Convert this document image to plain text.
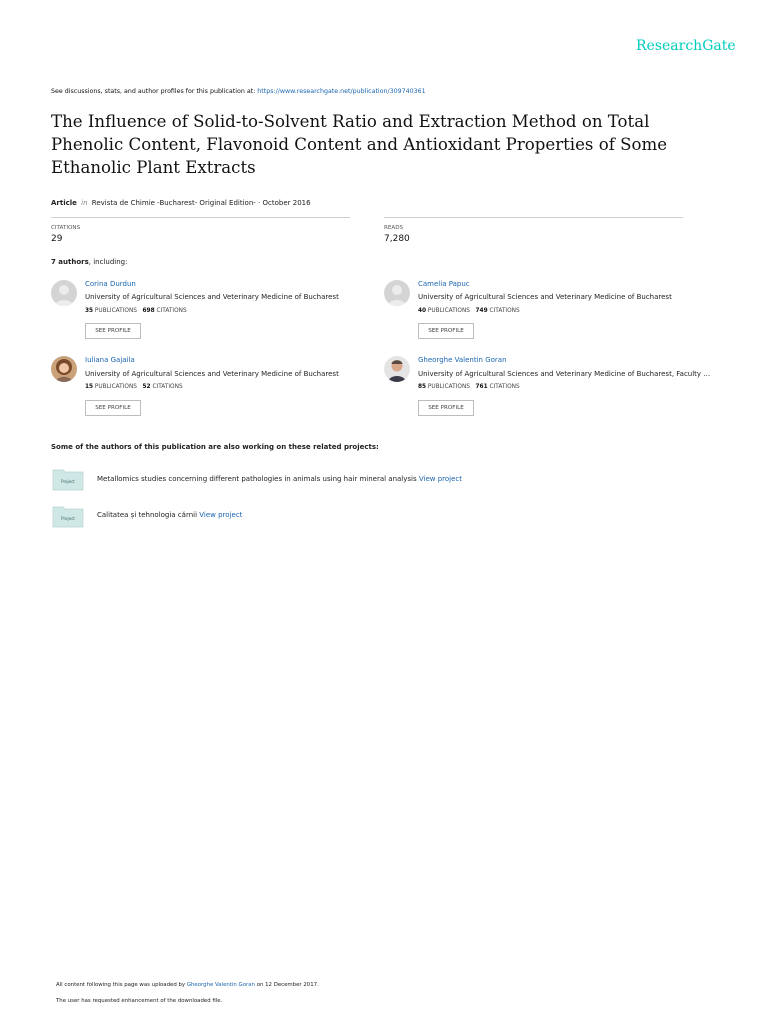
ResearchGate
See discussions, stats, and author profiles for this publication at: https://www.researchgate.net/publication/309740361
The Influence of Solid-to-Solvent Ratio and Extraction Method on Total Phenolic Content, Flavonoid Content and Antioxidant Properties of Some Ethanolic Plant Extracts
Article in Revista de Chimie -Bucharest- Original Edition- · October 2016
CITATIONS
29
READS
7,280
7 authors, including:
Corina Durdun
University of Agricultural Sciences and Veterinary Medicine of Bucharest
35 PUBLICATIONS 698 CITATIONS
SEE PROFILE
Camelia Papuc
University of Agricultural Sciences and Veterinary Medicine of Bucharest
40 PUBLICATIONS 749 CITATIONS
SEE PROFILE
Iuliana Gajaila
University of Agricultural Sciences and Veterinary Medicine of Bucharest
15 PUBLICATIONS 52 CITATIONS
SEE PROFILE
Gheorghe Valentin Goran
University of Agricultural Sciences and Veterinary Medicine of Bucharest, Faculty …
85 PUBLICATIONS 761 CITATIONS
SEE PROFILE
Some of the authors of this publication are also working on these related projects:
Project	Metallomics studies concerning different pathologies in animals using hair mineral analysis View project
Project	Calitatea și tehnologia cărnii View project
All content following this page was uploaded by Gheorghe Valentin Goran on 12 December 2017.
The user has requested enhancement of the downloaded file.
